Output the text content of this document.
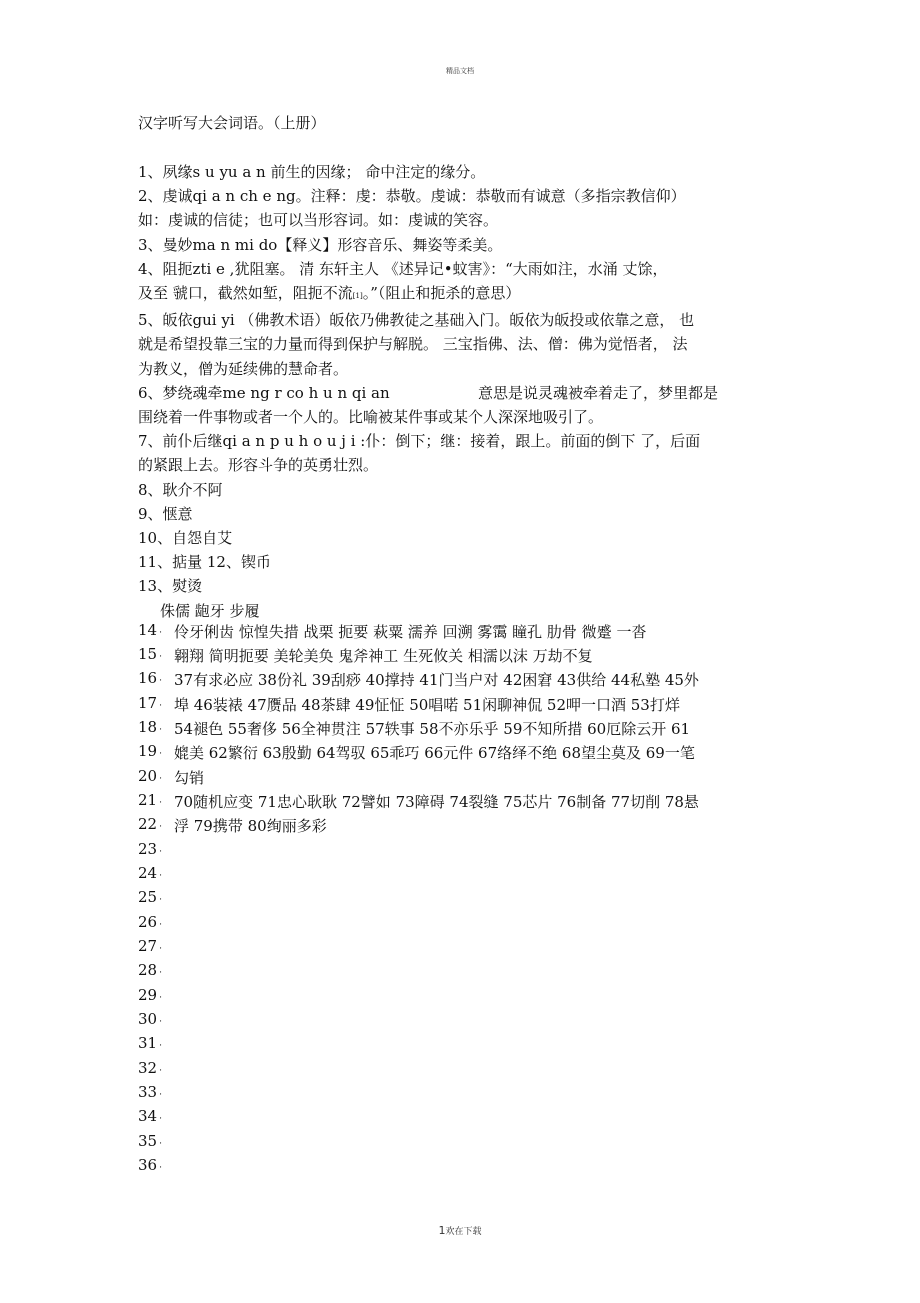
精品文档
汉字听写大会词语。（上册）

1、夙缘s u yu a n 前生的因缘； 命中注定的缘分。

2、虔诚qi a n ch e ng。注释：虔：恭敬。虔诚：恭敬而有诚意（多指宗教信仰）

如：虔诚的信徒；也可以当形容词。如：虔诚的笑容。

3、曼妙ma n mi do【释义】形容音乐、舞姿等柔美。

4、阻扼zti e ,犹阻塞。 清 东轩主人 《述异记•蚊害》：“大雨如注，水涌 丈馀，

及至 虢口，截然如堑，阻扼不流[1]。”（阻止和扼杀的意思）

5、皈依gui yi （佛教术语）皈依乃佛教徒之基础入门。皈依为皈投或依靠之意， 也

就是希望投靠三宝的力量而得到保护与解脱。 三宝指佛、法、僧：佛为觉悟者， 法

为教义，僧为延续佛的慧命者。

6、梦绕魂牵me ng r co h u n qi an	意思是说灵魂被牵着走了，梦里都是

围绕着一件事物或者一个人的。比喻被某件事或某个人深深地吸引了。

7、前仆后继qi a n p u h o u j i :仆：倒下；继：接着，跟上。前面的倒下 了，后面

的紧跟上去。形容斗争的英勇壮烈。

8、耿介不阿

9、惬意

10、自怨自艾

11、掂量 12、锲币

13、熨烫

侏儒 龅牙 步履

14 ·
15 ·
16 ·
17 ·
18 ·
19 ·
20 ·
21 ·
22 ·
23 ·
24 ·
25 ·
26 ·
27 ·
28 ·
29 ·
30 ·
31 ·
32 ·
33 ·
34 ·
35 ·
36 ·
伶牙俐齿 惊惶失措 战栗 扼要 萩粟 濡养 回溯 雾霭 瞳孔 肋骨 微蹙 一沓
翱翔 简明扼要 美轮美奂 鬼斧神工 生死攸关 相濡以沫 万劫不复
37有求必应 38份礼 39刮痧 40撑持 41门当户对 42困窘 43供给 44私塾 45外
埠 46装裱 47赝品 48茶肆 49怔怔 50唱喏 51闲聊神侃 52呷一口酒 53打烊
54褪色 55奢侈 56全神贯注 57轶事 58不亦乐乎 59不知所措 60厄除云开 61
媲美 62繁衍 63殷勤 64驾驭 65乖巧 66元件 67络绎不绝 68望尘莫及 69一笔
勾销
70随机应变 71忠心耿耿 72譬如 73障碍 74裂缝 75芯片 76制备 77切削 78悬
浮 79携带 80绚丽多彩
1欢在下载
